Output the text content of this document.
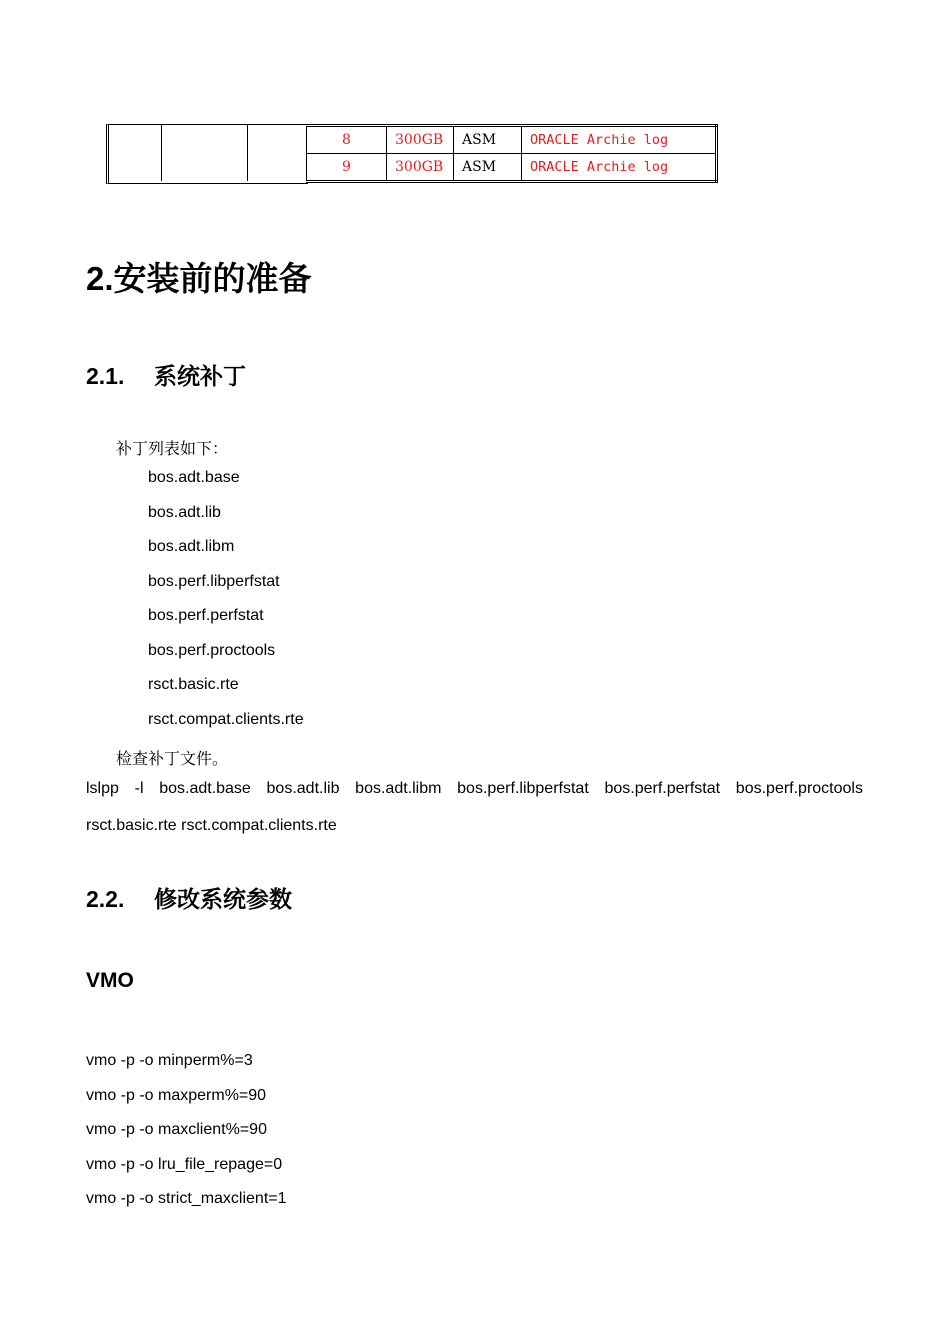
8	300GB	ASM	ORACLE Archie log
9	300GB	ASM	ORACLE Archie log
2.安装前的准备
2.1. 系统补丁
补丁列表如下：
bos.adt.base
bos.adt.lib
bos.adt.libm
bos.perf.libperfstat
bos.perf.perfstat
bos.perf.proctools
rsct.basic.rte
rsct.compat.clients.rte
检查补丁文件。
lslpp -l bos.adt.base bos.adt.lib bos.adt.libm bos.perf.libperfstat bos.perf.perfstat bos.perf.proctools
rsct.basic.rte rsct.compat.clients.rte
2.2. 修改系统参数
VMO
vmo -p -o minperm%=3
vmo -p -o maxperm%=90
vmo -p -o maxclient%=90
vmo -p -o lru_file_repage=0
vmo -p -o strict_maxclient=1
